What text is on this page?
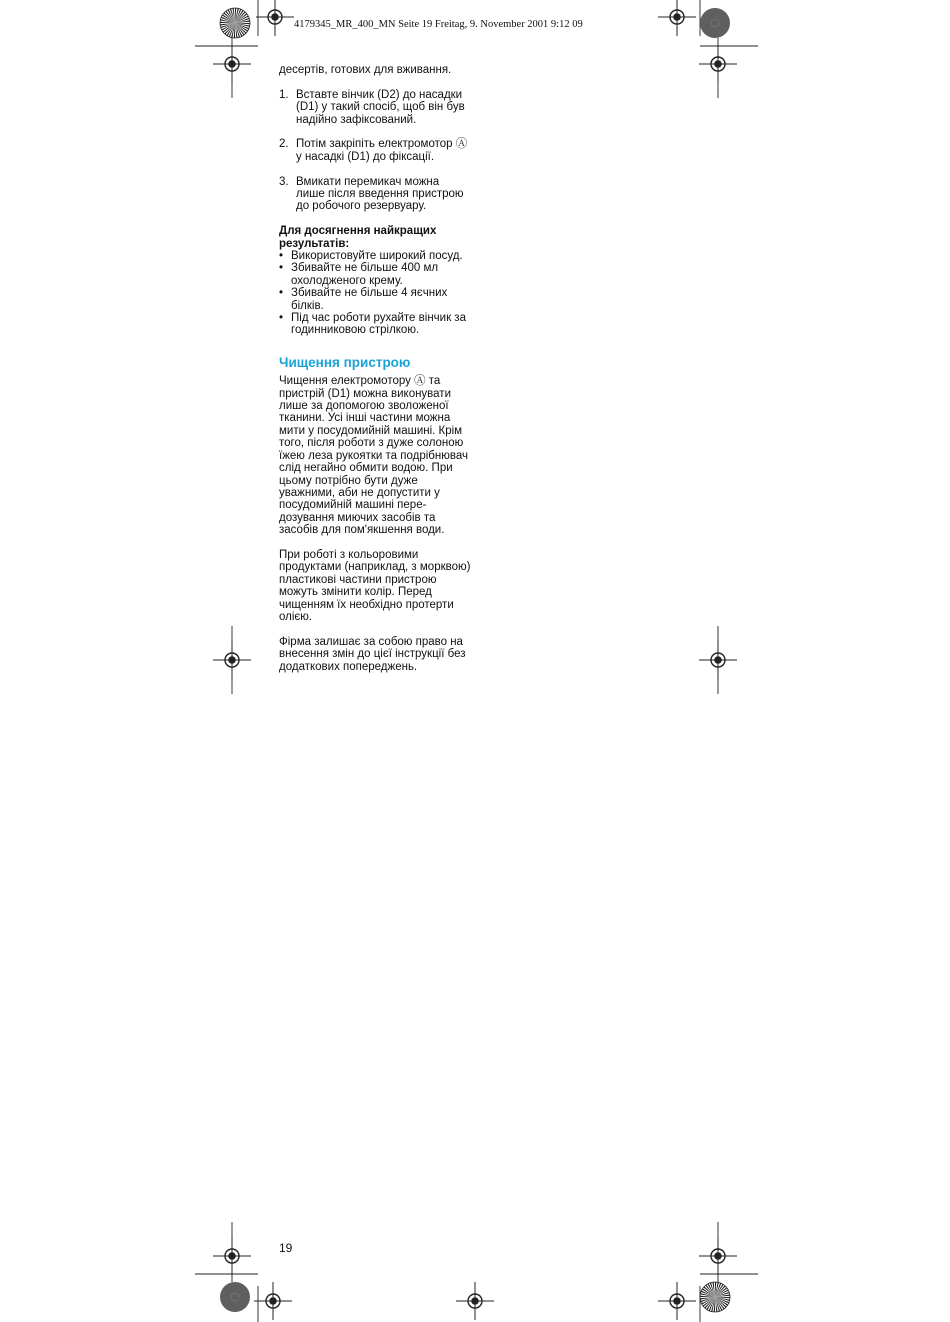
4179345_MR_400_MN Seite 19 Freitag, 9. November 2001 9:12 09

десертів, готових для вживання.

1. Вставте вінчик (D2) до насадки (D1) у такий спосіб, щоб він був надійно зафіксований.
2. Потім закріпіть електромотор Ⓐ у насадкі (D1) до фіксації.
3. Вмикати перемикач можна лише після введення пристрою до робочого резервуару.

Для досягнення найкращих результатів:

• Використовуйте широкий посуд.
• Збивайте не більше 400 мл охолодженого крему.
• Збивайте не більше 4 яєчних білків.
• Під час роботи рухайте вінчик за годинниковою стрілкою.
Чищення пристрою

Чищення електромотору Ⓐ та пристрій (D1) можна виконувати лише за допомогою зволоженої тканини. Усі інші частини можна мити у посудомийній машині. Крім того, після роботи з дуже солоною їжею леза рукоятки та подрібнювач слід негайно обмити водою. При цьому потрібно бути дуже уважними, аби не допустити у посудомийній машині пере-дозування миючих засобів та засобів для пом'якшення води.

При роботі з кольоровими продуктами (наприклад, з морквою) пластикові частини пристрою можуть змінити колір. Перед чищенням їх необхідно протерти олією.

Фірма залишає за собою право на внесення змін до цієї інструкції без додаткових попереджень.

19
